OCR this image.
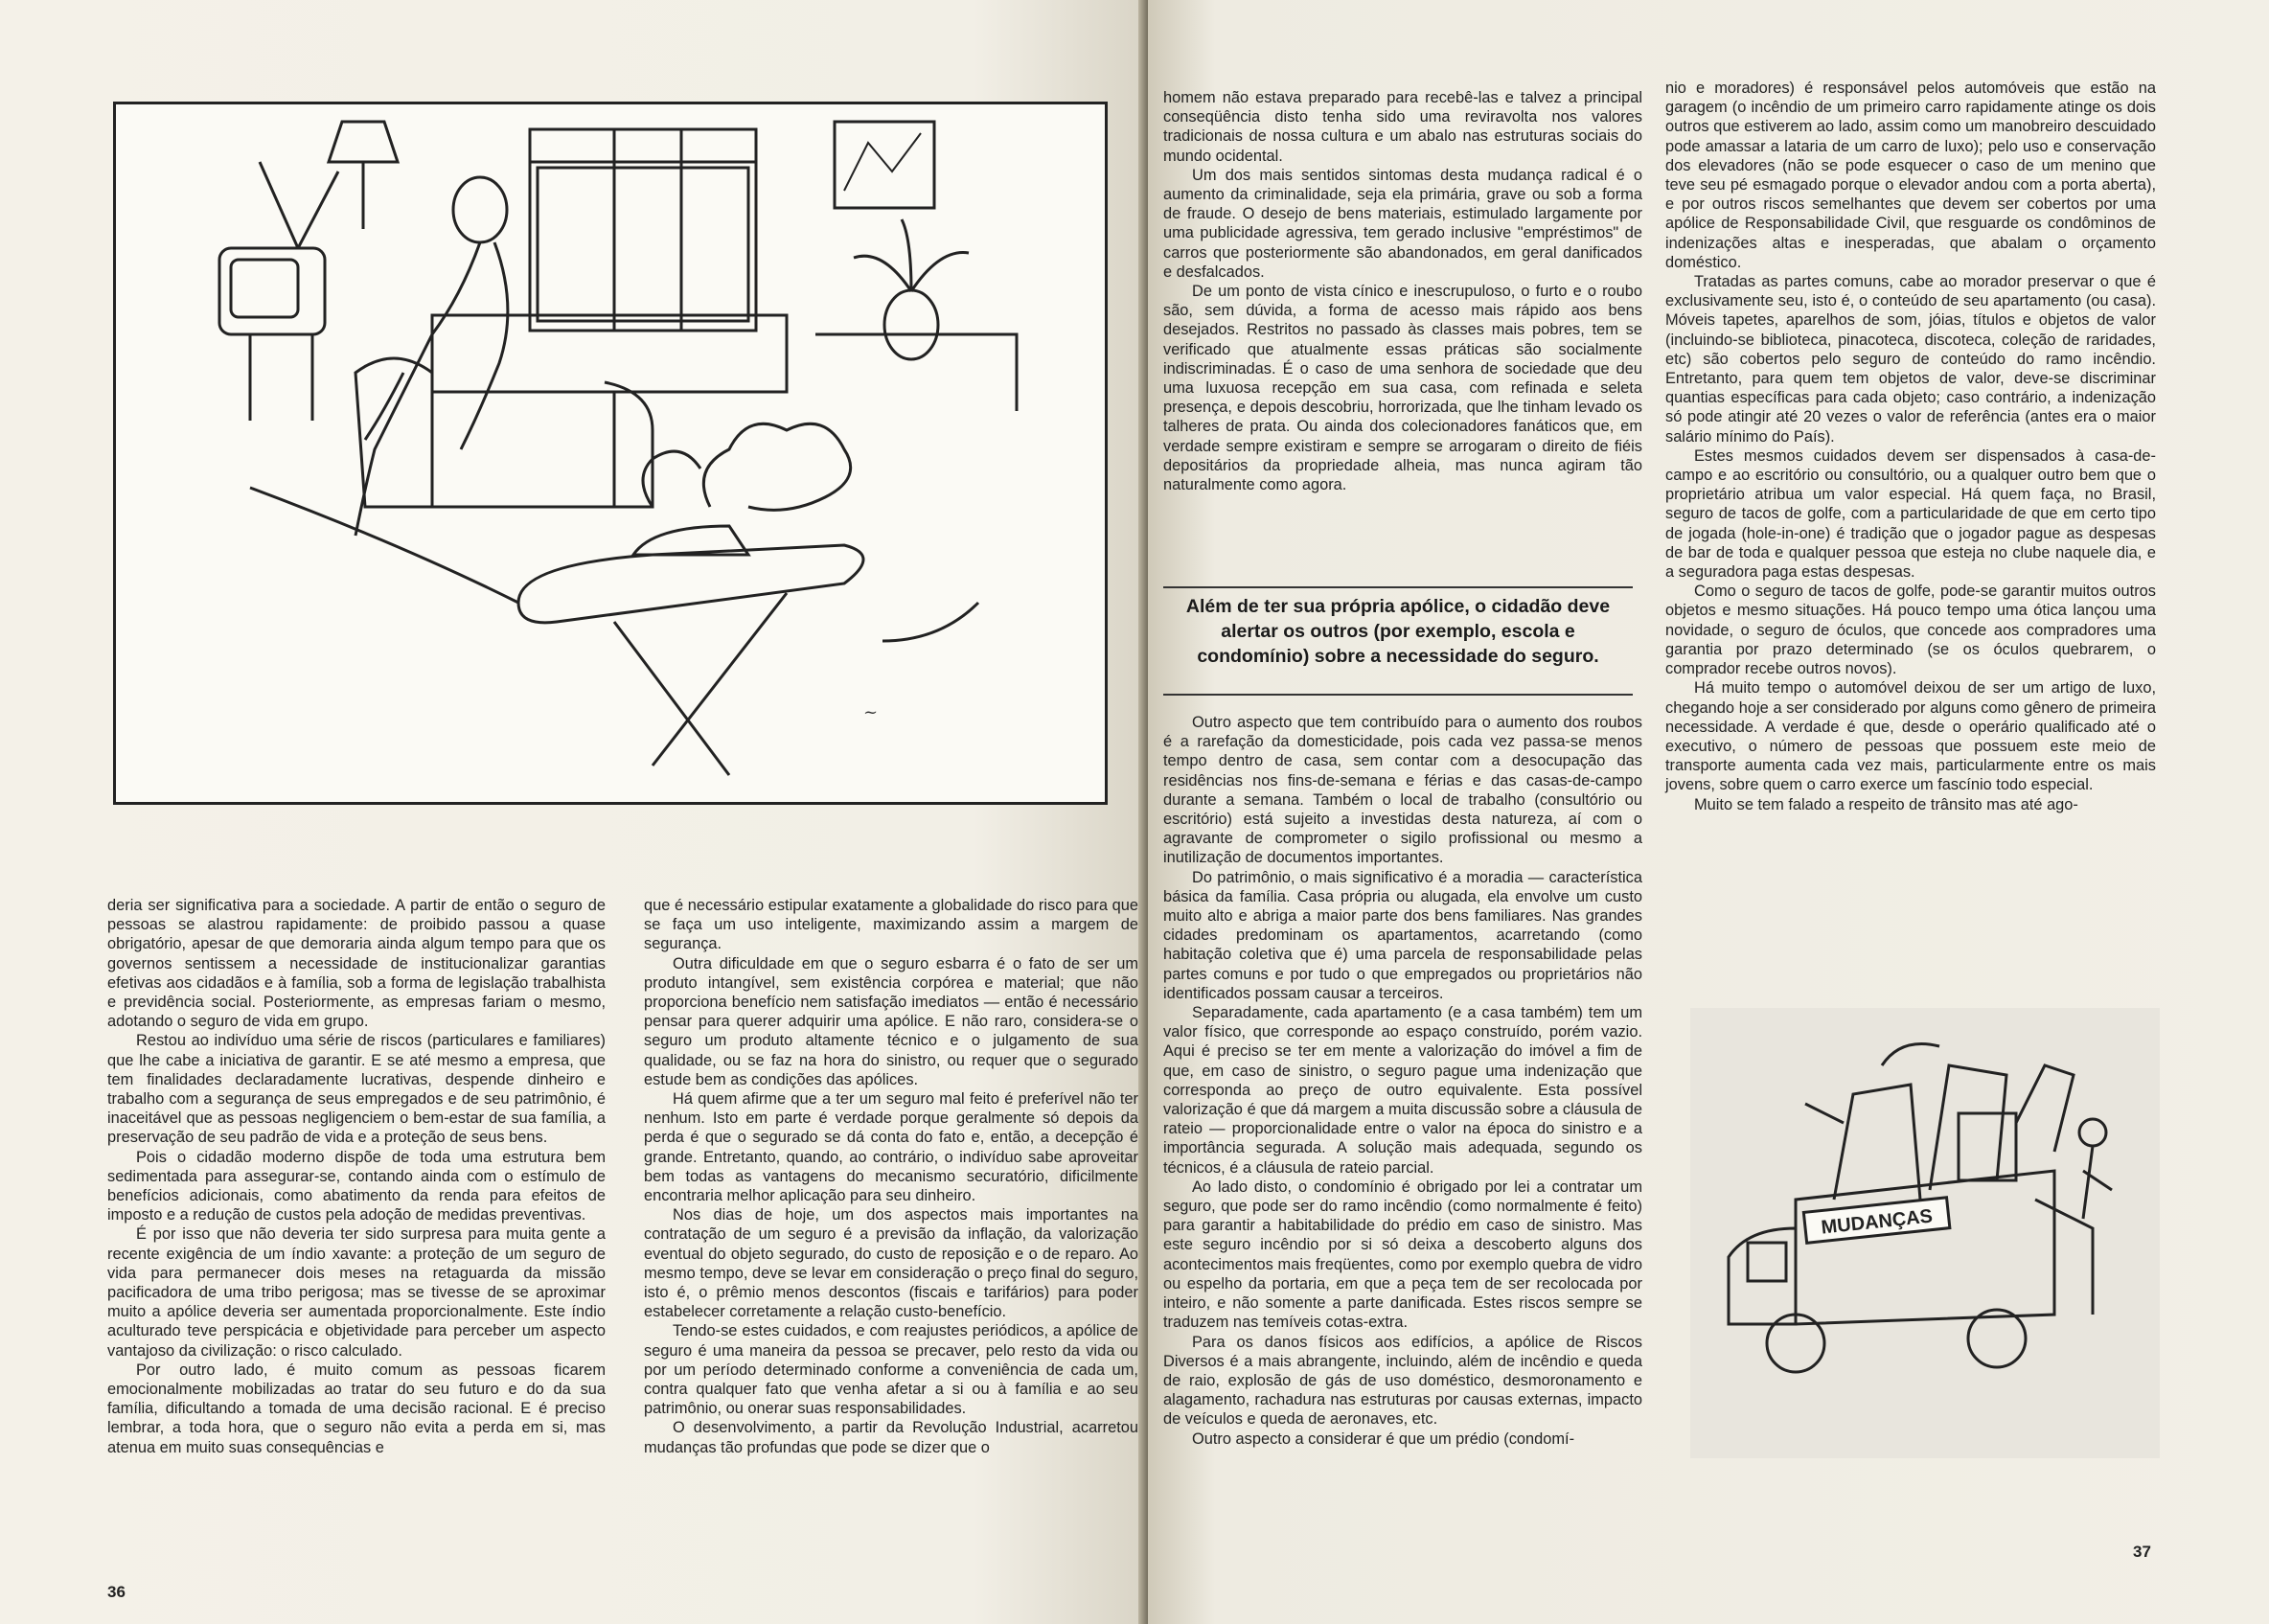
~

deria ser significativa para a sociedade. A partir de então o seguro de pessoas se alastrou rapidamente: de proibido passou a quase obrigatório, apesar de que demoraria ainda algum tempo para que os governos sentissem a necessidade de institucionalizar garantias efetivas aos cidadãos e à família, sob a forma de legislação trabalhista e previdência social. Posteriormente, as empresas fariam o mesmo, adotando o seguro de vida em grupo.

Restou ao indivíduo uma série de riscos (particulares e familiares) que lhe cabe a iniciativa de garantir. E se até mesmo a empresa, que tem finalidades declaradamente lucrativas, despende dinheiro e trabalho com a segurança de seus empregados e de seu patrimônio, é inaceitável que as pessoas negligenciem o bem-estar de sua família, a preservação de seu padrão de vida e a proteção de seus bens.

Pois o cidadão moderno dispõe de toda uma estrutura bem sedimentada para assegurar-se, contando ainda com o estímulo de benefícios adicionais, como abatimento da renda para efeitos de imposto e a redução de custos pela adoção de medidas preventivas.

É por isso que não deveria ter sido surpresa para muita gente a recente exigência de um índio xavante: a proteção de um seguro de vida para permanecer dois meses na retaguarda da missão pacificadora de uma tribo perigosa; mas se tivesse de se aproximar muito a apólice deveria ser aumentada proporcionalmente. Este índio aculturado teve perspicácia e objetividade para perceber um aspecto vantajoso da civilização: o risco calculado.

Por outro lado, é muito comum as pessoas ficarem emocionalmente mobilizadas ao tratar do seu futuro e do da sua família, dificultando a tomada de uma decisão racional. E é preciso lembrar, a toda hora, que o seguro não evita a perda em si, mas atenua em muito suas consequências e

que é necessário estipular exatamente a globalidade do risco para que se faça um uso inteligente, maximizando assim a margem de segurança.

Outra dificuldade em que o seguro esbarra é o fato de ser um produto intangível, sem existência corpórea e material; que não proporciona benefício nem satisfação imediatos — então é necessário pensar para querer adquirir uma apólice. E não raro, considera-se o seguro um produto altamente técnico e o julgamento de sua qualidade, ou se faz na hora do sinistro, ou requer que o segurado estude bem as condições das apólices.

Há quem afirme que a ter um seguro mal feito é preferível não ter nenhum. Isto em parte é verdade porque geralmente só depois da perda é que o segurado se dá conta do fato e, então, a decepção é grande. Entretanto, quando, ao contrário, o indivíduo sabe aproveitar bem todas as vantagens do mecanismo securatório, dificilmente encontraria melhor aplicação para seu dinheiro.

Nos dias de hoje, um dos aspectos mais importantes na contratação de um seguro é a previsão da inflação, da valorização eventual do objeto segurado, do custo de reposição e o de reparo. Ao mesmo tempo, deve se levar em consideração o preço final do seguro, isto é, o prêmio menos descontos (fiscais e tarifários) para poder estabelecer corretamente a relação custo-benefício.

Tendo-se estes cuidados, e com reajustes periódicos, a apólice de seguro é uma maneira da pessoa se precaver, pelo resto da vida ou por um período determinado conforme a conveniência de cada um, contra qualquer fato que venha afetar a si ou à família e ao seu patrimônio, ou onerar suas responsabilidades.

O desenvolvimento, a partir da Revolução Industrial, acarretou mudanças tão profundas que pode se dizer que o

36

homem não estava preparado para recebê-las e talvez a principal conseqüência disto tenha sido uma reviravolta nos valores tradicionais de nossa cultura e um abalo nas estruturas sociais do mundo ocidental.

Um dos mais sentidos sintomas desta mudança radical é o aumento da criminalidade, seja ela primária, grave ou sob a forma de fraude. O desejo de bens materiais, estimulado largamente por uma publicidade agressiva, tem gerado inclusive "empréstimos" de carros que posteriormente são abandonados, em geral danificados e desfalcados.

De um ponto de vista cínico e inescrupuloso, o furto e o roubo são, sem dúvida, a forma de acesso mais rápido aos bens desejados. Restritos no passado às classes mais pobres, tem se verificado que atualmente essas práticas são socialmente indiscriminadas. É o caso de uma senhora de sociedade que deu uma luxuosa recepção em sua casa, com refinada e seleta presença, e depois descobriu, horrorizada, que lhe tinham levado os talheres de prata. Ou ainda dos colecionadores fanáticos que, em verdade sempre existiram e sempre se arrogaram o direito de fiéis depositários da propriedade alheia, mas nunca agiram tão naturalmente como agora.

Além de ter sua própria apólice, o cidadão deve alertar os outros (por exemplo, escola e condomínio) sobre a necessidade do seguro.

Outro aspecto que tem contribuído para o aumento dos roubos é a rarefação da domesticidade, pois cada vez passa-se menos tempo dentro de casa, sem contar com a desocupação das residências nos fins-de-semana e férias e das casas-de-campo durante a semana. Também o local de trabalho (consultório ou escritório) está sujeito a investidas desta natureza, aí com o agravante de comprometer o sigilo profissional ou mesmo a inutilização de documentos importantes.

Do patrimônio, o mais significativo é a moradia — característica básica da família. Casa própria ou alugada, ela envolve um custo muito alto e abriga a maior parte dos bens familiares. Nas grandes cidades predominam os apartamentos, acarretando (como habitação coletiva que é) uma parcela de responsabilidade pelas partes comuns e por tudo o que empregados ou proprietários não identificados possam causar a terceiros.

Separadamente, cada apartamento (e a casa também) tem um valor físico, que corresponde ao espaço construído, porém vazio. Aqui é preciso se ter em mente a valorização do imóvel a fim de que, em caso de sinistro, o seguro pague uma indenização que corresponda ao preço de outro equivalente. Esta possível valorização é que dá margem a muita discussão sobre a cláusula de rateio — proporcionalidade entre o valor na época do sinistro e a importância segurada. A solução mais adequada, segundo os técnicos, é a cláusula de rateio parcial.

Ao lado disto, o condomínio é obrigado por lei a contratar um seguro, que pode ser do ramo incêndio (como normalmente é feito) para garantir a habitabilidade do prédio em caso de sinistro. Mas este seguro incêndio por si só deixa a descoberto alguns dos acontecimentos mais freqüentes, como por exemplo quebra de vidro ou espelho da portaria, em que a peça tem de ser recolocada por inteiro, e não somente a parte danificada. Estes riscos sempre se traduzem nas temíveis cotas-extra.

Para os danos físicos aos edifícios, a apólice de Riscos Diversos é a mais abrangente, incluindo, além de incêndio e queda de raio, explosão de gás de uso doméstico, desmoronamento e alagamento, rachadura nas estruturas por causas externas, impacto de veículos e queda de aeronaves, etc.

Outro aspecto a considerar é que um prédio (condomí-

nio e moradores) é responsável pelos automóveis que estão na garagem (o incêndio de um primeiro carro rapidamente atinge os dois outros que estiverem ao lado, assim como um manobreiro descuidado pode amassar a lataria de um carro de luxo); pelo uso e conservação dos elevadores (não se pode esquecer o caso de um menino que teve seu pé esmagado porque o elevador andou com a porta aberta), e por outros riscos semelhantes que devem ser cobertos por uma apólice de Responsabilidade Civil, que resguarde os condôminos de indenizações altas e inesperadas, que abalam o orçamento doméstico.

Tratadas as partes comuns, cabe ao morador preservar o que é exclusivamente seu, isto é, o conteúdo de seu apartamento (ou casa). Móveis tapetes, aparelhos de som, jóias, títulos e objetos de valor (incluindo-se biblioteca, pinacoteca, discoteca, coleção de raridades, etc) são cobertos pelo seguro de conteúdo do ramo incêndio. Entretanto, para quem tem objetos de valor, deve-se discriminar quantias específicas para cada objeto; caso contrário, a indenização só pode atingir até 20 vezes o valor de referência (antes era o maior salário mínimo do País).

Estes mesmos cuidados devem ser dispensados à casa-de-campo e ao escritório ou consultório, ou a qualquer outro bem que o proprietário atribua um valor especial. Há quem faça, no Brasil, seguro de tacos de golfe, com a particularidade de que em certo tipo de jogada (hole-in-one) é tradição que o jogador pague as despesas de bar de toda e qualquer pessoa que esteja no clube naquele dia, e a seguradora paga estas despesas.

Como o seguro de tacos de golfe, pode-se garantir muitos outros objetos e mesmo situações. Há pouco tempo uma ótica lançou uma novidade, o seguro de óculos, que concede aos compradores uma garantia por prazo determinado (se os óculos quebrarem, o comprador recebe outros novos).

Há muito tempo o automóvel deixou de ser um artigo de luxo, chegando hoje a ser considerado por alguns como gênero de primeira necessidade. A verdade é que, desde o operário qualificado até o executivo, o número de pessoas que possuem este meio de transporte aumenta cada vez mais, particularmente entre os mais jovens, sobre quem o carro exerce um fascínio todo especial.

Muito se tem falado a respeito de trânsito mas até ago-

MUDANÇAS
37
